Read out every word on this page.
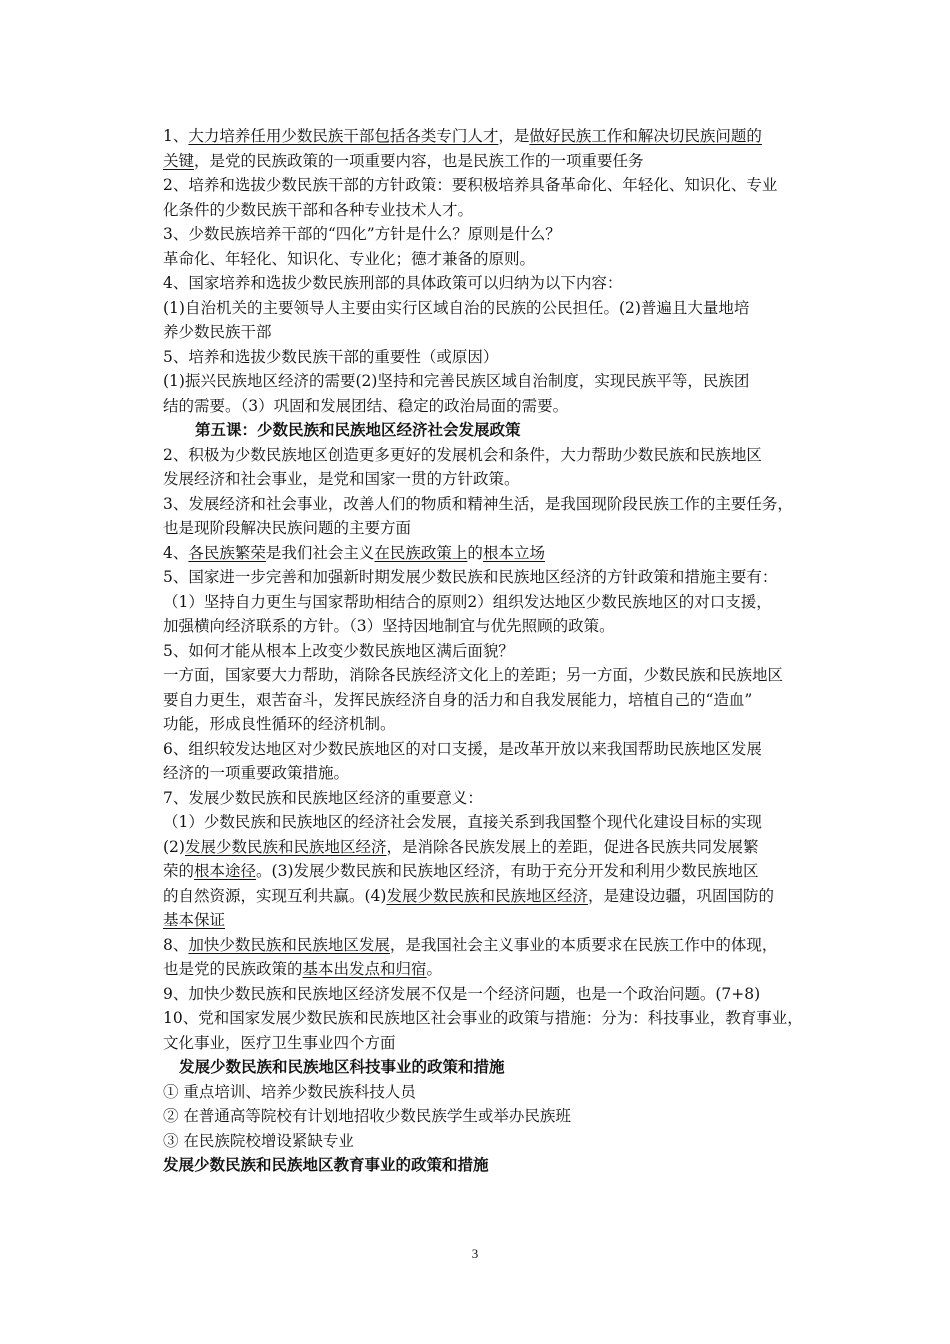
1、大力培养任用少数民族干部包括各类专门人才，是做好民族工作和解决切民族问题的

关键，是党的民族政策的一项重要内容，也是民族工作的一项重要任务

2、培养和选拔少数民族干部的方针政策：要积极培养具备革命化、年轻化、知识化、专业

化条件的少数民族干部和各种专业技术人才。

3、少数民族培养干部的“四化”方针是什么？原则是什么？

革命化、年轻化、知识化、专业化；德才兼备的原则。

4、国家培养和选拔少数民族刑部的具体政策可以归纳为以下内容：

(1)自治机关的主要领导人主要由实行区域自治的民族的公民担任。(2)普遍且大量地培

养少数民族干部

5、培养和选拔少数民族干部的重要性（或原因）

(1)振兴民族地区经济的需要(2)坚持和完善民族区域自治制度，实现民族平等，民族团

结的需要。（3）巩固和发展团结、稳定的政治局面的需要。

第五课：少数民族和民族地区经济社会发展政策

2、积极为少数民族地区创造更多更好的发展机会和条件，大力帮助少数民族和民族地区

发展经济和社会事业，是党和国家一贯的方针政策。

3、发展经济和社会事业，改善人们的物质和精神生活，是我国现阶段民族工作的主要任务，

也是现阶段解决民族问题的主要方面

4、各民族繁荣是我们社会主义在民族政策上的根本立场

5、国家进一步完善和加强新时期发展少数民族和民族地区经济的方针政策和措施主要有：

（1）坚持自力更生与国家帮助相结合的原则2）组织发达地区少数民族地区的对口支援，

加强横向经济联系的方针。（3）坚持因地制宜与优先照顾的政策。

5、如何才能从根本上改变少数民族地区满后面貌？

一方面，国家要大力帮助，消除各民族经济文化上的差距；另一方面，少数民族和民族地区

要自力更生，艰苦奋斗，发挥民族经济自身的活力和自我发展能力，培植自己的“造血”

功能，形成良性循环的经济机制。

6、组织较发达地区对少数民族地区的对口支援，是改革开放以来我国帮助民族地区发展

经济的一项重要政策措施。

7、发展少数民族和民族地区经济的重要意义：

（1）少数民族和民族地区的经济社会发展，直接关系到我国整个现代化建设目标的实现

(2)发展少数民族和民族地区经济，是消除各民族发展上的差距，促进各民族共同发展繁

荣的根本途径。(3)发展少数民族和民族地区经济，有助于充分开发和利用少数民族地区

的自然资源，实现互利共赢。(4)发展少数民族和民族地区经济，是建设边疆，巩固国防的

基本保证

8、加快少数民族和民族地区发展，是我国社会主义事业的本质要求在民族工作中的体现，

也是党的民族政策的基本出发点和归宿。

9、加快少数民族和民族地区经济发展不仅是一个经济问题，也是一个政治问题。(7+8)

10、党和国家发展少数民族和民族地区社会事业的政策与措施：分为：科技事业，教育事业，

文化事业，医疗卫生事业四个方面

发展少数民族和民族地区科技事业的政策和措施

① 重点培训、培养少数民族科技人员

② 在普通高等院校有计划地招收少数民族学生或举办民族班

③ 在民族院校增设紧缺专业

发展少数民族和民族地区教育事业的政策和措施

3
